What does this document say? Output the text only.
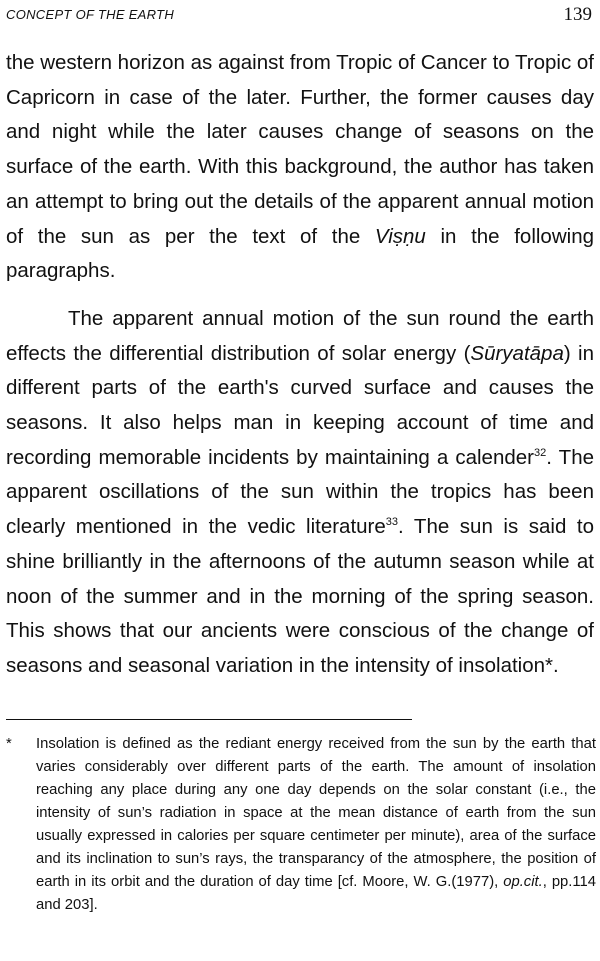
CONCEPT OF THE EARTH	139

the western horizon as against from Tropic of Cancer to Tropic of Capricorn in case of the later. Further, the former causes day and night while the later causes change of seasons on the surface of the earth. With this background, the author has taken an attempt to bring out the details of the apparent annual motion of the sun as per the text of the Viṣṇu in the following paragraphs.

The apparent annual motion of the sun round the earth effects the differential distribution of solar energy (Sūryatāpa) in different parts of the earth's curved surface and causes the seasons. It also helps man in keeping account of time and recording memorable incidents by maintaining a calender$^{32}$. The apparent oscillations of the sun within the tropics has been clearly mentioned in the vedic literature$^{33}$. The sun is said to shine brilliantly in the afternoons of the autumn season while at noon of the summer and in the morning of the spring season. This shows that our ancients were conscious of the change of seasons and seasonal variation in the intensity of insolation*.

* Insolation is defined as the rediant energy received from the sun by the earth that varies considerably over different parts of the earth. The amount of insolation reaching any place during any one day depends on the solar constant (i.e., the intensity of sun’s radiation in space at the mean distance of earth from the sun usually expressed in calories per square centimeter per minute), area of the surface and its inclination to sun’s rays, the transparancy of the atmosphere, the position of earth in its orbit and the duration of day time [cf. Moore, W. G.(1977), op.cit., pp.114 and 203].
